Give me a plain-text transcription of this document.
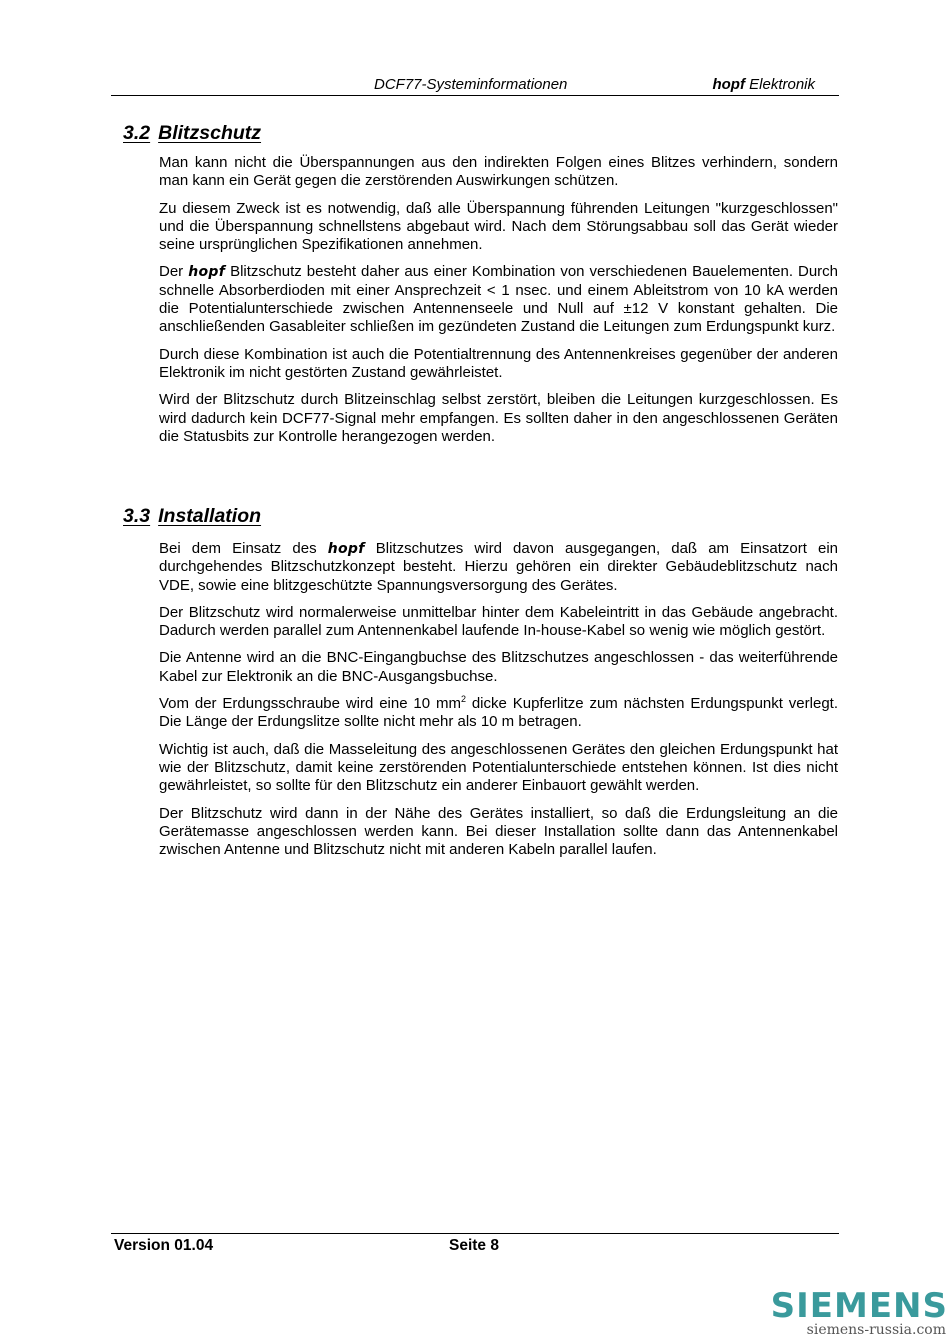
DCF77-Systeminformationen	hopf Elektronik
3.2 Blitzschutz

Man kann nicht die Überspannungen aus den indirekten Folgen eines Blitzes verhindern, sondern man kann ein Gerät gegen die zerstörenden Auswirkungen schützen.

Zu diesem Zweck ist es notwendig, daß alle Überspannung führenden Leitungen "kurzgeschlossen" und die Überspannung schnellstens abgebaut wird. Nach dem Störungsabbau soll das Gerät wieder seine ursprünglichen Spezifikationen annehmen.

Der hopf Blitzschutz besteht daher aus einer Kombination von verschiedenen Bauelementen. Durch schnelle Absorberdioden mit einer Ansprechzeit < 1 nsec. und einem Ableitstrom von 10 kA werden die Potentialunterschiede zwischen Antennenseele und Null auf ±12 V konstant gehalten. Die anschließenden Gasableiter schließen im gezündeten Zustand die Leitungen zum Erdungspunkt kurz.

Durch diese Kombination ist auch die Potentialtrennung des Antennenkreises gegenüber der anderen Elektronik im nicht gestörten Zustand gewährleistet.

Wird der Blitzschutz durch Blitzeinschlag selbst zerstört, bleiben die Leitungen kurzgeschlossen. Es wird dadurch kein DCF77-Signal mehr empfangen. Es sollten daher in den angeschlossenen Geräten die Statusbits zur Kontrolle herangezogen werden.

3.3 Installation

Bei dem Einsatz des hopf Blitzschutzes wird davon ausgegangen, daß am Einsatzort ein durchgehendes Blitzschutzkonzept besteht. Hierzu gehören ein direkter Gebäudeblitzschutz nach VDE, sowie eine blitzgeschützte Spannungsversorgung des Gerätes.

Der Blitzschutz wird normalerweise unmittelbar hinter dem Kabeleintritt in das Gebäude angebracht. Dadurch werden parallel zum Antennenkabel laufende In-house-Kabel so wenig wie möglich gestört.

Die Antenne wird an die BNC-Eingangbuchse des Blitzschutzes angeschlossen - das weiterführende Kabel zur Elektronik an die BNC-Ausgangsbuchse.

Vom der Erdungsschraube wird eine 10 $mm^2$ dicke Kupferlitze zum nächsten Erdungspunkt verlegt. Die Länge der Erdungslitze sollte nicht mehr als 10 m betragen.

Wichtig ist auch, daß die Masseleitung des angeschlossenen Gerätes den gleichen Erdungspunkt hat wie der Blitzschutz, damit keine zerstörenden Potentialunterschiede entstehen können. Ist dies nicht gewährleistet, so sollte für den Blitzschutz ein anderer Einbauort gewählt werden.

Der Blitzschutz wird dann in der Nähe des Gerätes installiert, so daß die Erdungsleitung an die Gerätemasse angeschlossen werden kann. Bei dieser Installation sollte dann das Antennenkabel zwischen Antenne und Blitzschutz nicht mit anderen Kabeln parallel laufen.

Version 01.04	Seite 8
SIEMENS
siemens-russia.com
